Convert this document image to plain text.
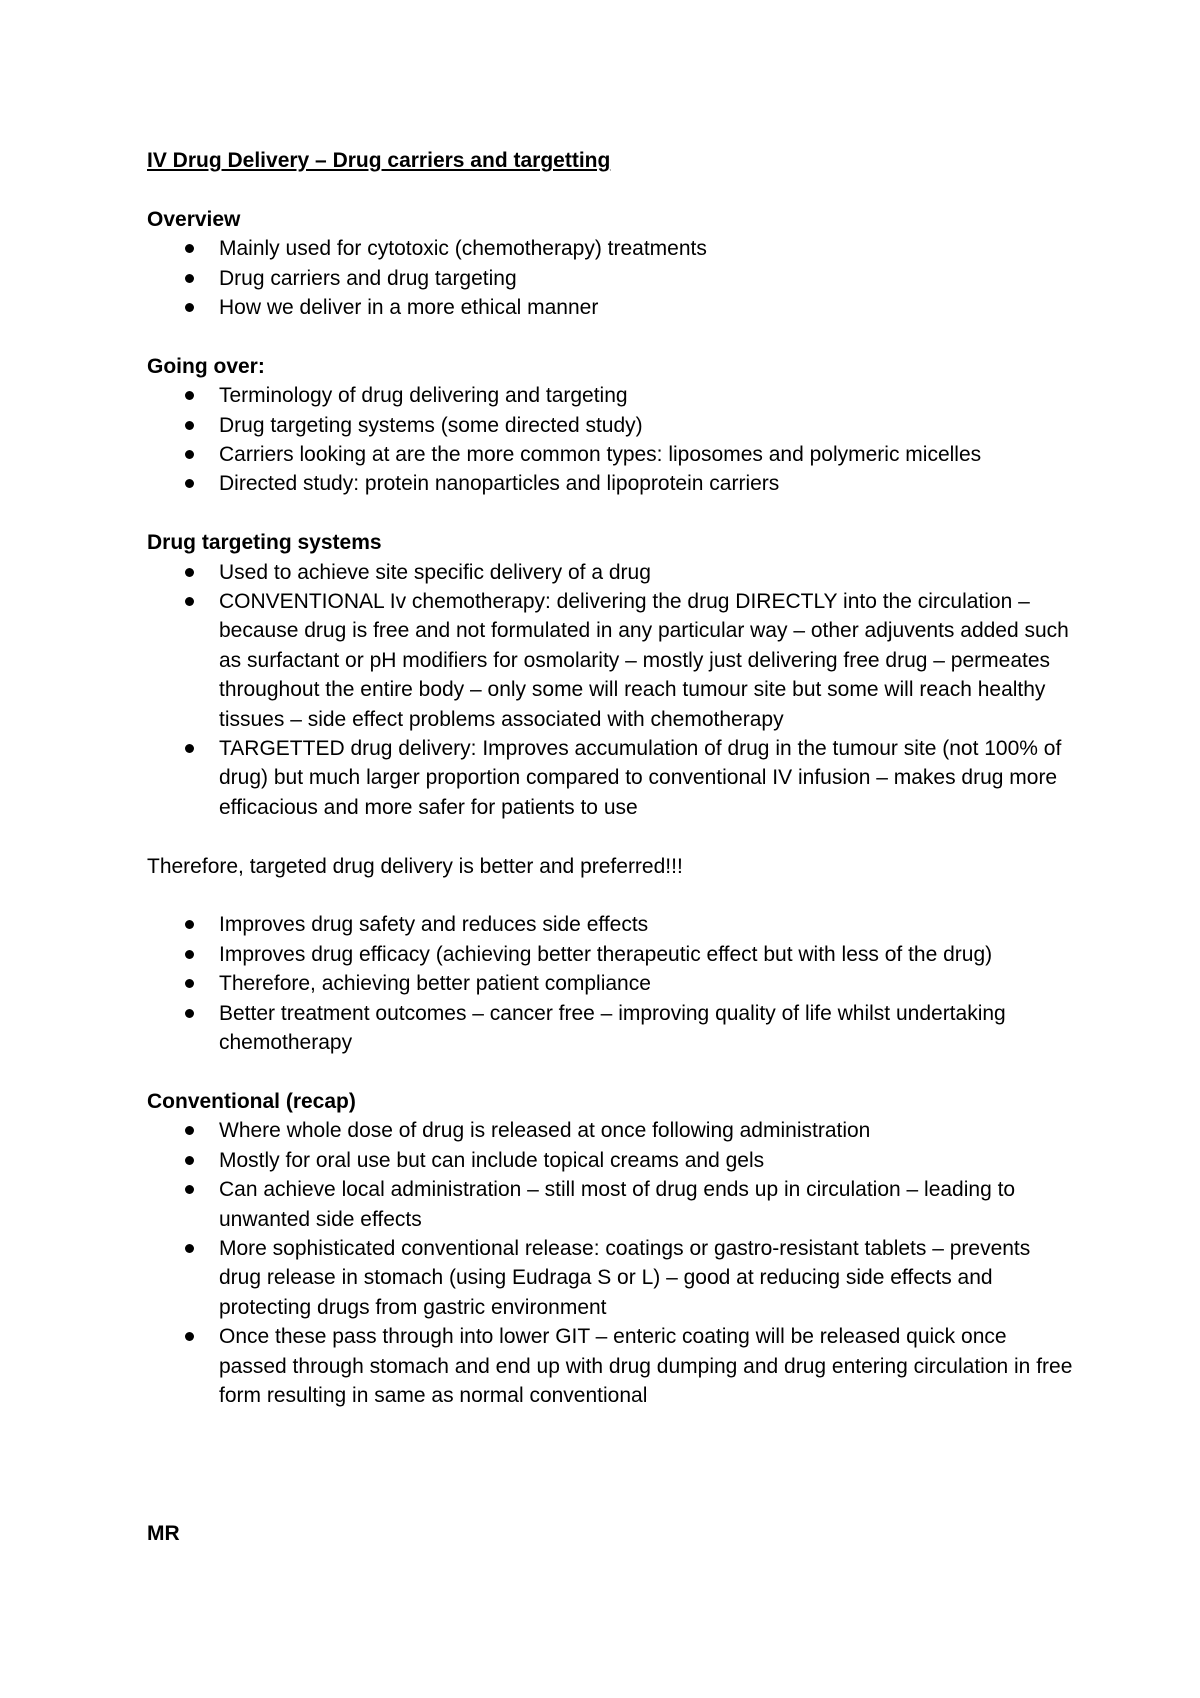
IV Drug Delivery – Drug carriers and targetting

Overview

Mainly used for cytotoxic (chemotherapy) treatments
Drug carriers and drug targeting
How we deliver in a more ethical manner

Going over:

Terminology of drug delivering and targeting
Drug targeting systems (some directed study)
Carriers looking at are the more common types: liposomes and polymeric micelles
Directed study: protein nanoparticles and lipoprotein carriers

Drug targeting systems

Used to achieve site specific delivery of a drug
CONVENTIONAL Iv chemotherapy: delivering the drug DIRECTLY into the circulation – because drug is free and not formulated in any particular way – other adjuvents added such as surfactant or pH modifiers for osmolarity – mostly just delivering free drug – permeates throughout the entire body – only some will reach tumour site but some will reach healthy tissues – side effect problems associated with chemotherapy
TARGETTED drug delivery: Improves accumulation of drug in the tumour site (not 100% of drug) but much larger proportion compared to conventional IV infusion – makes drug more efficacious and more safer for patients to use

Therefore, targeted drug delivery is better and preferred!!!

Improves drug safety and reduces side effects
Improves drug efficacy (achieving better therapeutic effect but with less of the drug)
Therefore, achieving better patient compliance
Better treatment outcomes – cancer free – improving quality of life whilst undertaking chemotherapy

Conventional (recap)

Where whole dose of drug is released at once following administration
Mostly for oral use but can include topical creams and gels
Can achieve local administration – still most of drug ends up in circulation – leading to unwanted side effects
More sophisticated conventional release: coatings or gastro-resistant tablets – prevents drug release in stomach (using Eudraga S or L) – good at reducing side effects and protecting drugs from gastric environment
Once these pass through into lower GIT – enteric coating will be released quick once passed through stomach and end up with drug dumping and drug entering circulation in free form resulting in same as normal conventional
MR
